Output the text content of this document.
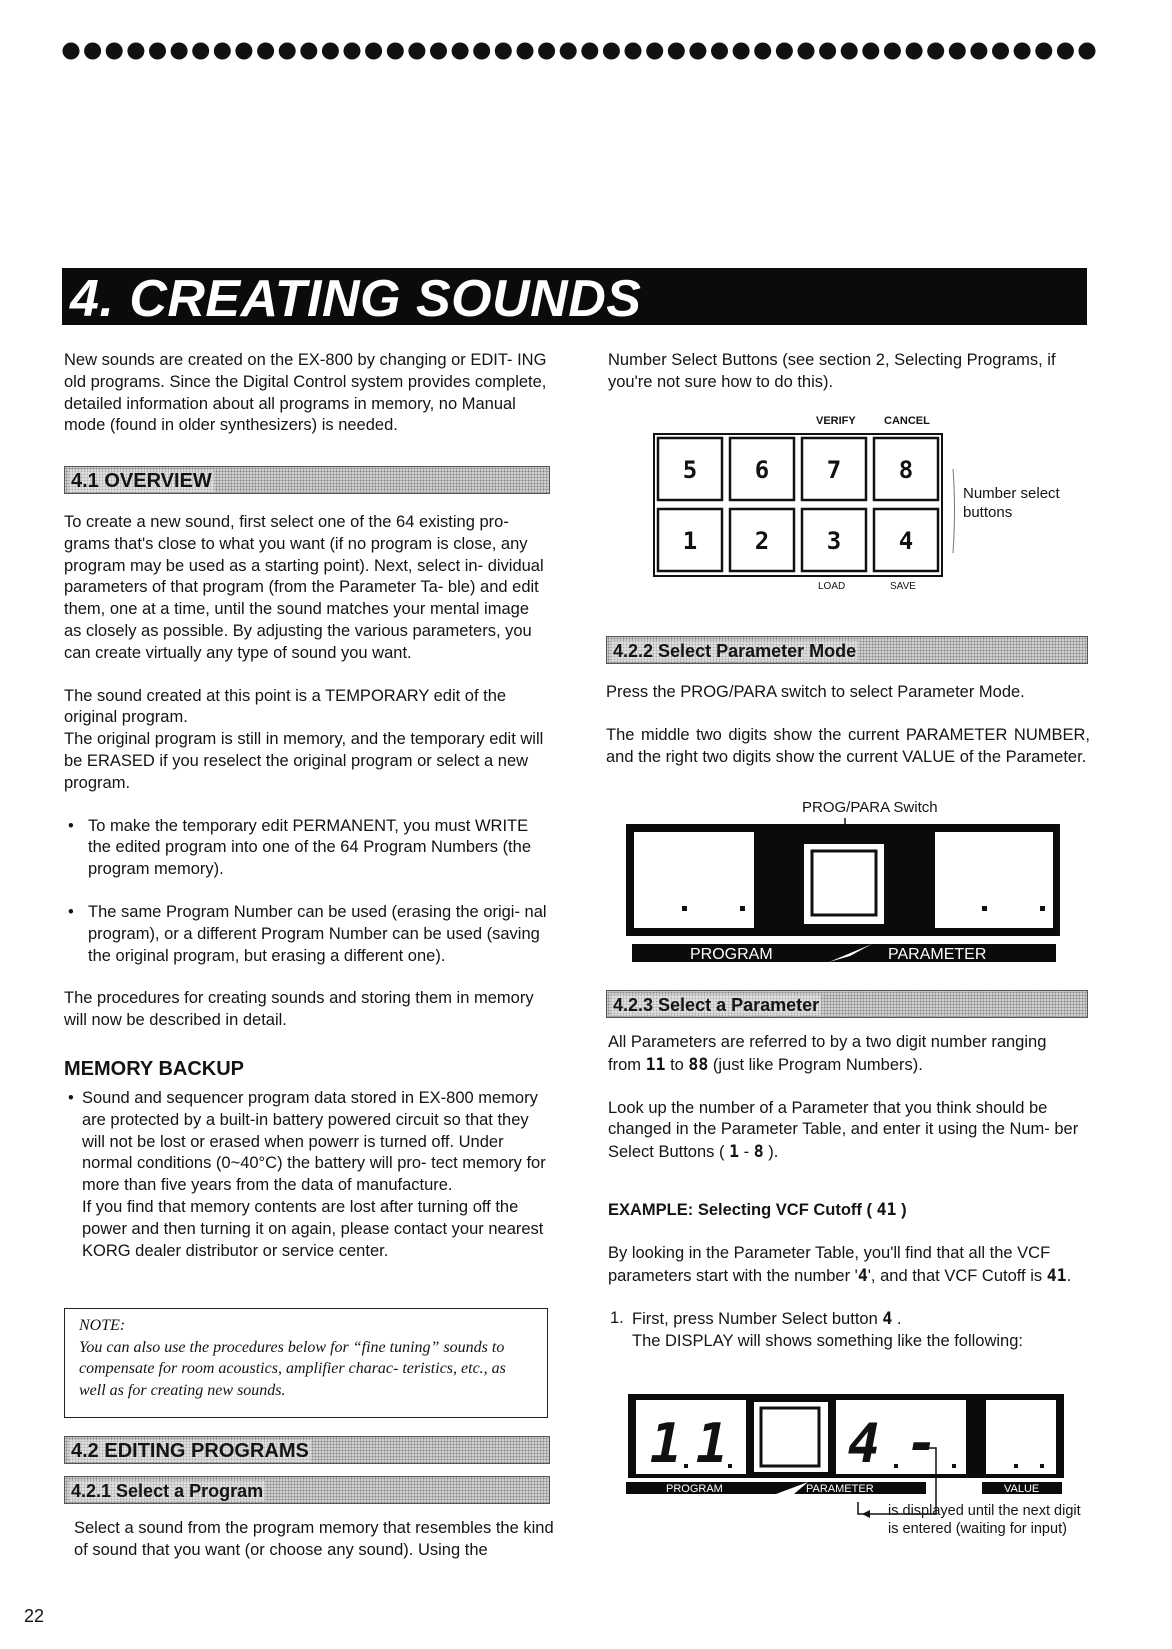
4. CREATING SOUNDS

New sounds are created on the EX-800 by changing or EDIT- ING old programs. Since the Digital Control system provides complete, detailed information about all programs in memory, no Manual mode (found in older synthesizers) is needed.

4.1 OVERVIEW

To create a new sound, first select one of the 64 existing pro- grams that's close to what you want (if no program is close, any program may be used as a starting point). Next, select in- dividual parameters of that program (from the Parameter Ta- ble) and edit them, one at a time, until the sound matches your mental image as closely as possible. By adjusting the various parameters, you can create virtually any type of sound you want.

The sound created at this point is a TEMPORARY edit of the original program.

The original program is still in memory, and the temporary edit will be ERASED if you reselect the original program or select a new program.

• To make the temporary edit PERMANENT, you must WRITE the edited program into one of the 64 Program Numbers (the program memory).

• The same Program Number can be used (erasing the origi- nal program), or a different Program Number can be used (saving the original program, but erasing a different one).

The procedures for creating sounds and storing them in memory will now be described in detail.

MEMORY BACKUP

• Sound and sequencer program data stored in EX-800 memory are protected by a built-in battery powered circuit so that they will not be lost or erased when powerr is turned off. Under normal conditions (0~40°C) the battery will pro- tect memory for more than five years from the data of manufacture.

If you find that memory contents are lost after turning off the power and then turning it on again, please contact your nearest KORG dealer distributor or service center.

NOTE:
You can also use the procedures below for “fine tuning” sounds to compensate for room acoustics, amplifier charac- teristics, etc., as well as for creating new sounds.
4.2 EDITING PROGRAMS
4.2.1 Select a Program

Select a sound from the program memory that resembles the kind of sound that you want (or choose any sound). Using the

22

Number Select Buttons (see section 2, Selecting Programs, if you're not sure how to do this).

VERIFY	CANCEL
5 6 7 8
1 2 3 4
Number select buttons
LOAD	SAVE
4.2.2 Select Parameter Mode

Press the PROG/PARA switch to select Parameter Mode.

The middle two digits show the current PARAMETER NUMBER, and the right two digits show the current VALUE of the Parameter.

PROG/PARA Switch
PROGRAM	PARAMETER
4.2.3 Select a Parameter

All Parameters are referred to by a two digit number ranging
from 11 to 88 (just like Program Numbers).

Look up the number of a Parameter that you think should be changed in the Parameter Table, and enter it using the Num- ber Select Buttons ( 1 - 8 ).

EXAMPLE: Selecting VCF Cutoff ( 41 )

By looking in the Parameter Table, you'll find that all the VCF parameters start with the number '4', and that VCF Cutoff is 41.

1. First, press Number Select button 4 .
The DISPLAY will shows something like the following:

1 1 4 -
PROGRAM	PARAMETER	VALUE
is displayed until the next digit is entered (waiting for input)
